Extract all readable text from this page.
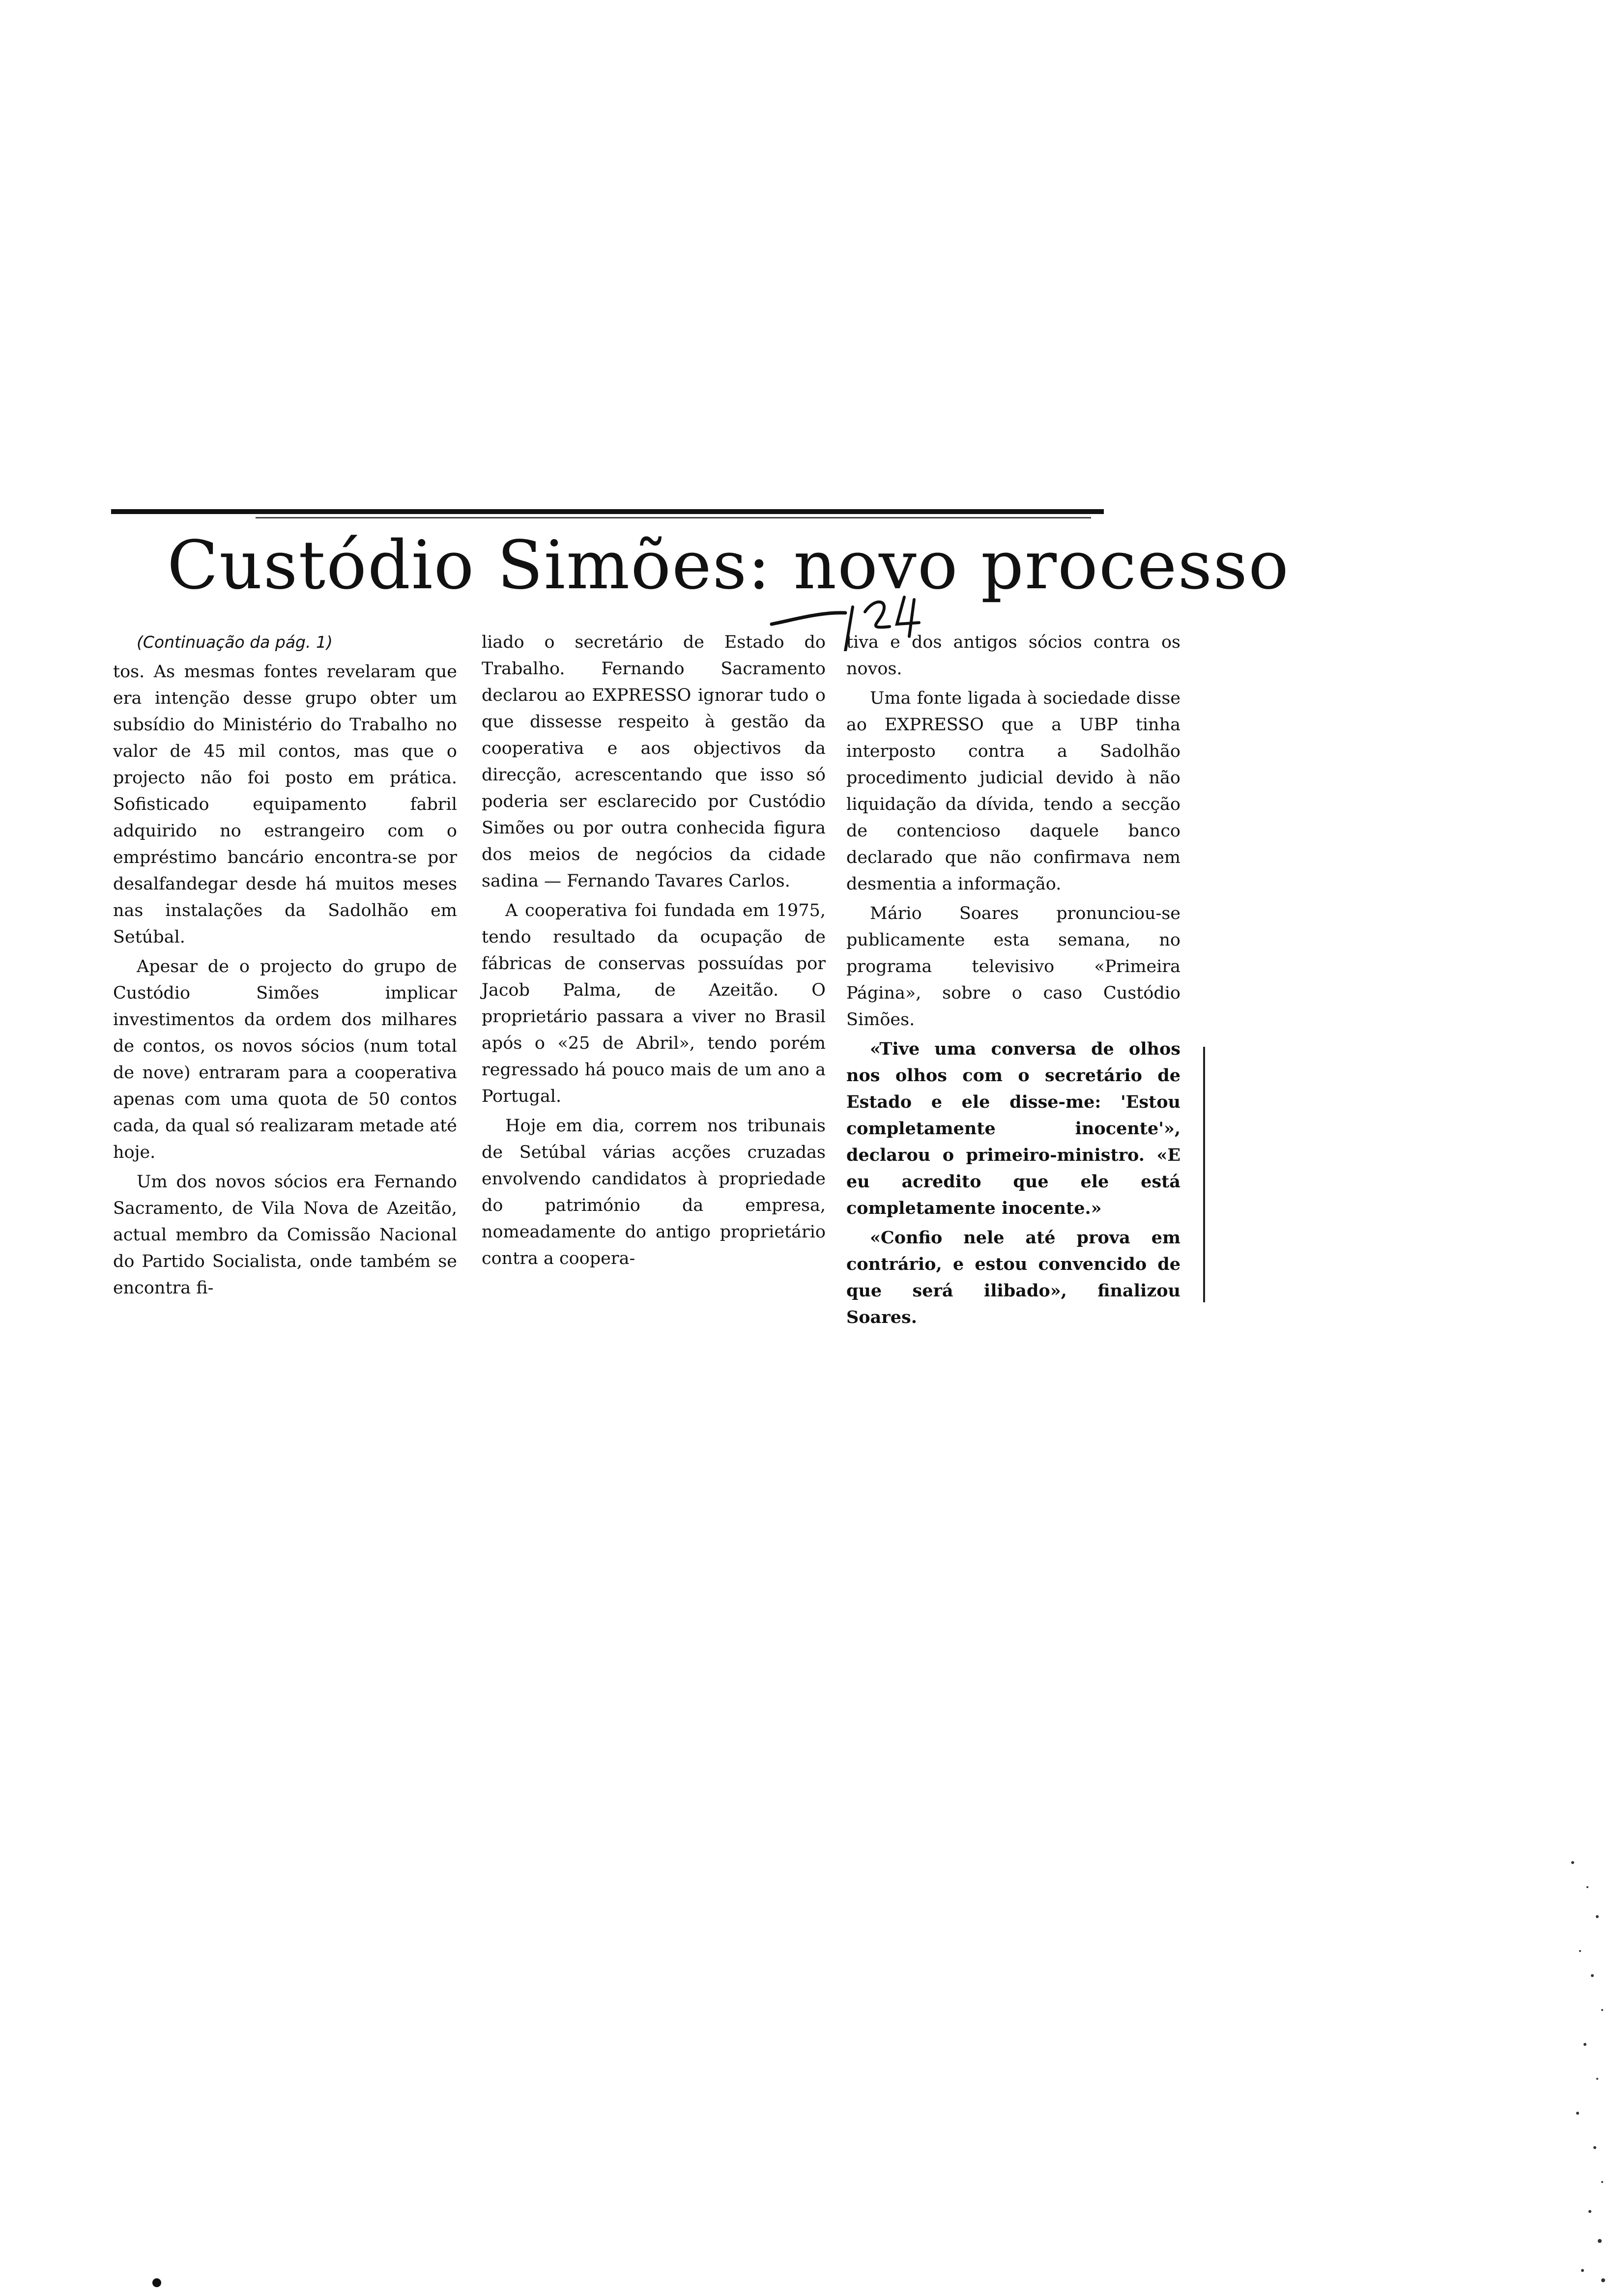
Custódio Simões: novo processo

(Continuação da pág. 1)

tos. As mesmas fontes revelaram que era intenção desse grupo obter um subsídio do Ministério do Trabalho no valor de 45 mil contos, mas que o projecto não foi posto em prática. Sofisticado equipamento fabril adquirido no estrangeiro com o empréstimo bancário encontra-se por desalfandegar desde há muitos meses nas instalações da Sadolhão em Setúbal.

Apesar de o projecto do grupo de Custódio Simões implicar investimentos da ordem dos milhares de contos, os novos sócios (num total de nove) entraram para a cooperativa apenas com uma quota de 50 contos cada, da qual só realizaram metade até hoje.

Um dos novos sócios era Fernando Sacramento, de Vila Nova de Azeitão, actual membro da Comissão Nacional do Partido Socialista, onde também se encontra fi-

liado o secretário de Estado do Trabalho. Fernando Sacramento declarou ao EXPRESSO ignorar tudo o que dissesse respeito à gestão da cooperativa e aos objectivos da direcção, acrescentando que isso só poderia ser esclarecido por Custódio Simões ou por outra conhecida figura dos meios de negócios da cidade sadina — Fernando Tavares Carlos.

A cooperativa foi fundada em 1975, tendo resultado da ocupação de fábricas de conservas possuídas por Jacob Palma, de Azeitão. O proprietário passara a viver no Brasil após o «25 de Abril», tendo porém regressado há pouco mais de um ano a Portugal.

Hoje em dia, correm nos tribunais de Setúbal várias acções cruzadas envolvendo candidatos à propriedade do património da empresa, nomeadamente do antigo proprietário contra a coopera-

tiva e dos antigos sócios contra os novos.

Uma fonte ligada à sociedade disse ao EXPRESSO que a UBP tinha interposto contra a Sadolhão procedimento judicial devido à não liquidação da dívida, tendo a secção de contencioso daquele banco declarado que não confirmava nem desmentia a informação.

Mário Soares pronunciou-se publicamente esta semana, no programa televisivo «Primeira Página», sobre o caso Custódio Simões.

«Tive uma conversa de olhos nos olhos com o secretário de Estado e ele disse-me: 'Estou completamente inocente'», declarou o primeiro-ministro. «E eu acredito que ele está completamente inocente.»

«Confio nele até prova em contrário, e estou convencido de que será ilibado», finalizou Soares.
